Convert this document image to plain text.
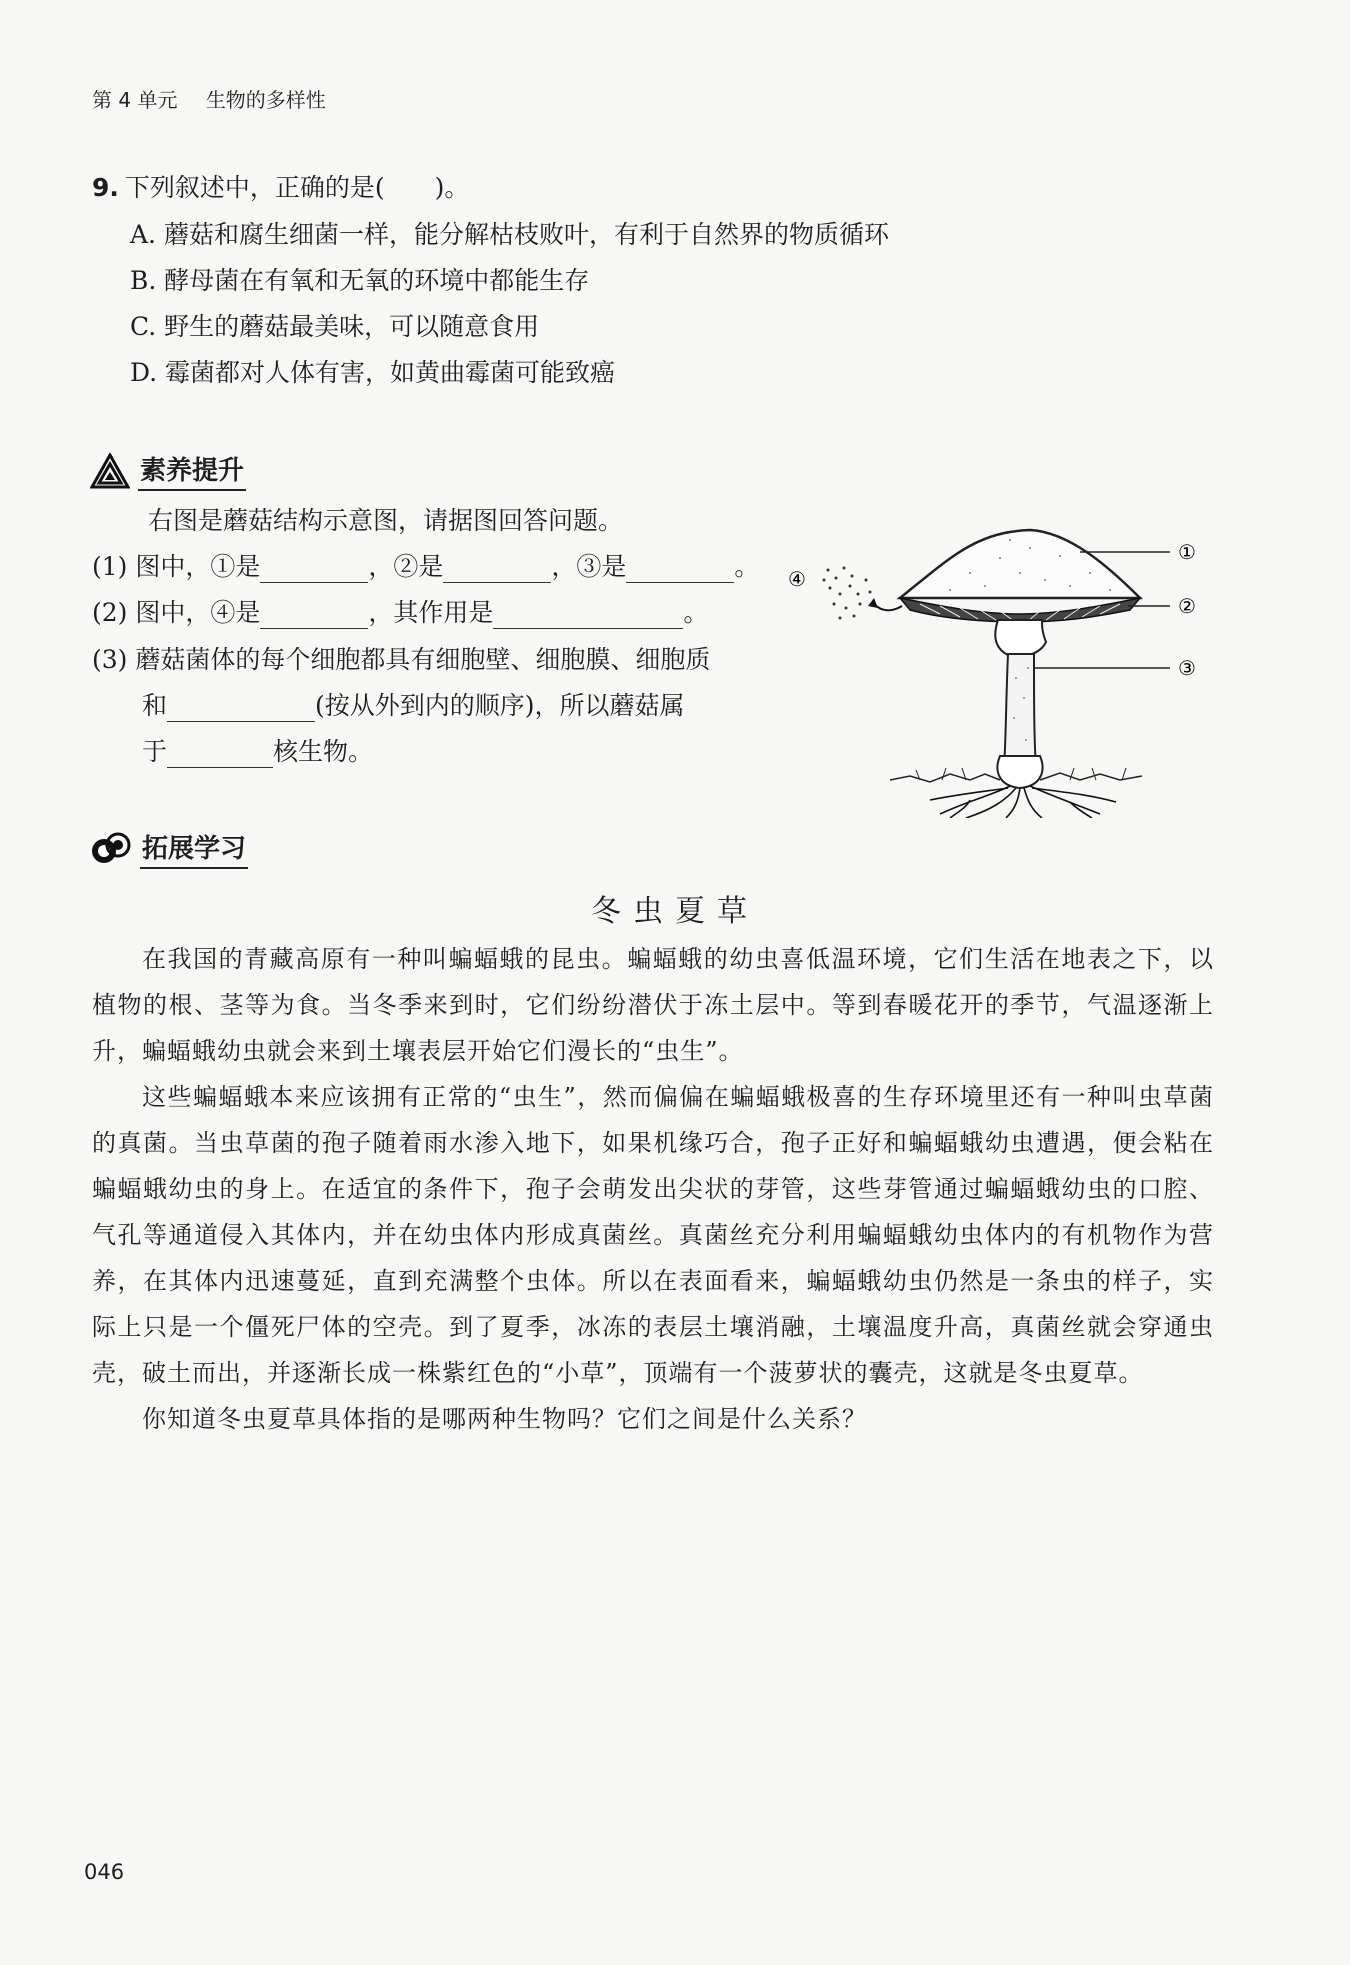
第 4 单元 生物的多样性
9. 下列叙述中，正确的是(　　)。
A. 蘑菇和腐生细菌一样，能分解枯枝败叶，有利于自然界的物质循环
B. 酵母菌在有氧和无氧的环境中都能生存
C. 野生的蘑菇最美味，可以随意食用
D. 霉菌都对人体有害，如黄曲霉菌可能致癌
素养提升
右图是蘑菇结构示意图，请据图回答问题。
(1) 图中，①是	，②是	，③是	。
(2) 图中，④是	，其作用是	。
(3) 蘑菇菌体的每个细胞都具有细胞壁、细胞膜、细胞质
和	(按从外到内的顺序)，所以蘑菇属
于	核生物。
①
②
③
④
拓展学习
冬虫夏草

在我国的青藏高原有一种叫蝙蝠蛾的昆虫。蝙蝠蛾的幼虫喜低温环境，它们生活在地表之下，以植物的根、茎等为食。当冬季来到时，它们纷纷潜伏于冻土层中。等到春暖花开的季节，气温逐渐上升，蝙蝠蛾幼虫就会来到土壤表层开始它们漫长的“虫生”。

这些蝙蝠蛾本来应该拥有正常的“虫生”，然而偏偏在蝙蝠蛾极喜的生存环境里还有一种叫虫草菌的真菌。当虫草菌的孢子随着雨水渗入地下，如果机缘巧合，孢子正好和蝙蝠蛾幼虫遭遇，便会粘在蝙蝠蛾幼虫的身上。在适宜的条件下，孢子会萌发出尖状的芽管，这些芽管通过蝙蝠蛾幼虫的口腔、气孔等通道侵入其体内，并在幼虫体内形成真菌丝。真菌丝充分利用蝙蝠蛾幼虫体内的有机物作为营养，在其体内迅速蔓延，直到充满整个虫体。所以在表面看来，蝙蝠蛾幼虫仍然是一条虫的样子，实际上只是一个僵死尸体的空壳。到了夏季，冰冻的表层土壤消融，土壤温度升高，真菌丝就会穿通虫壳，破土而出，并逐渐长成一株紫红色的“小草”，顶端有一个菠萝状的囊壳，这就是冬虫夏草。

你知道冬虫夏草具体指的是哪两种生物吗？它们之间是什么关系？

046
